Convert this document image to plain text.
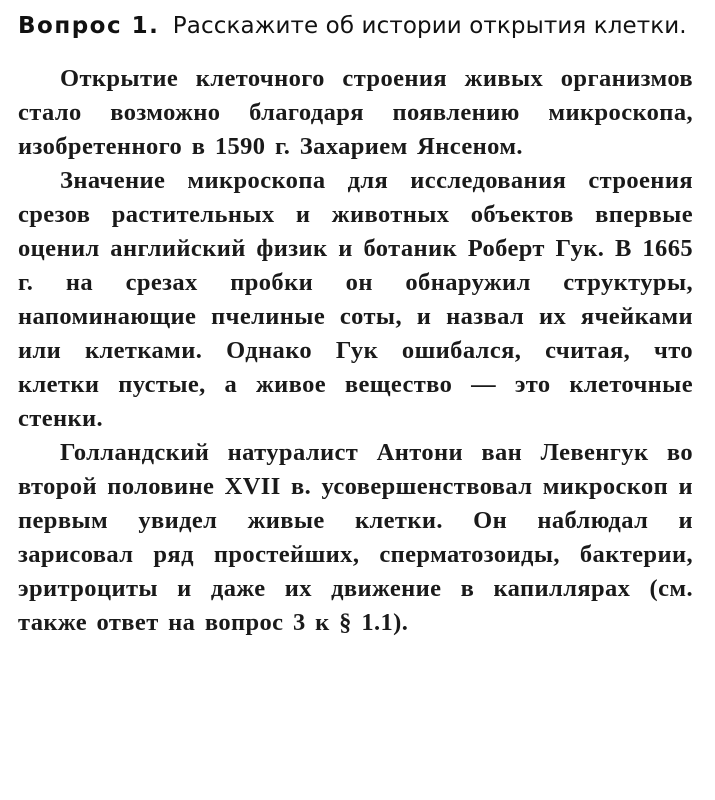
Вопрос 1. Расскажите об истории открытия клетки.

Открытие клеточного строения живых организмов стало возможно благодаря появлению микроскопа, изобретенного в 1590 г. Захарием Янсеном.

Значение микроскопа для исследования строения срезов растительных и животных объектов впервые оценил английский физик и ботаник Роберт Гук. В 1665 г. на срезах пробки он обнаружил структуры, напоминающие пчелиные соты, и назвал их ячейками или клетками. Однако Гук ошибался, считая, что клетки пустые, а живое вещество — это клеточные стенки.

Голландский натуралист Антони ван Левенгук во второй половине XVII в. усовершенствовал микроскоп и первым увидел живые клетки. Он наблюдал и зарисовал ряд простейших, сперматозоиды, бактерии, эритроциты и даже их движение в капиллярах (см. также ответ на вопрос 3 к § 1.1).
